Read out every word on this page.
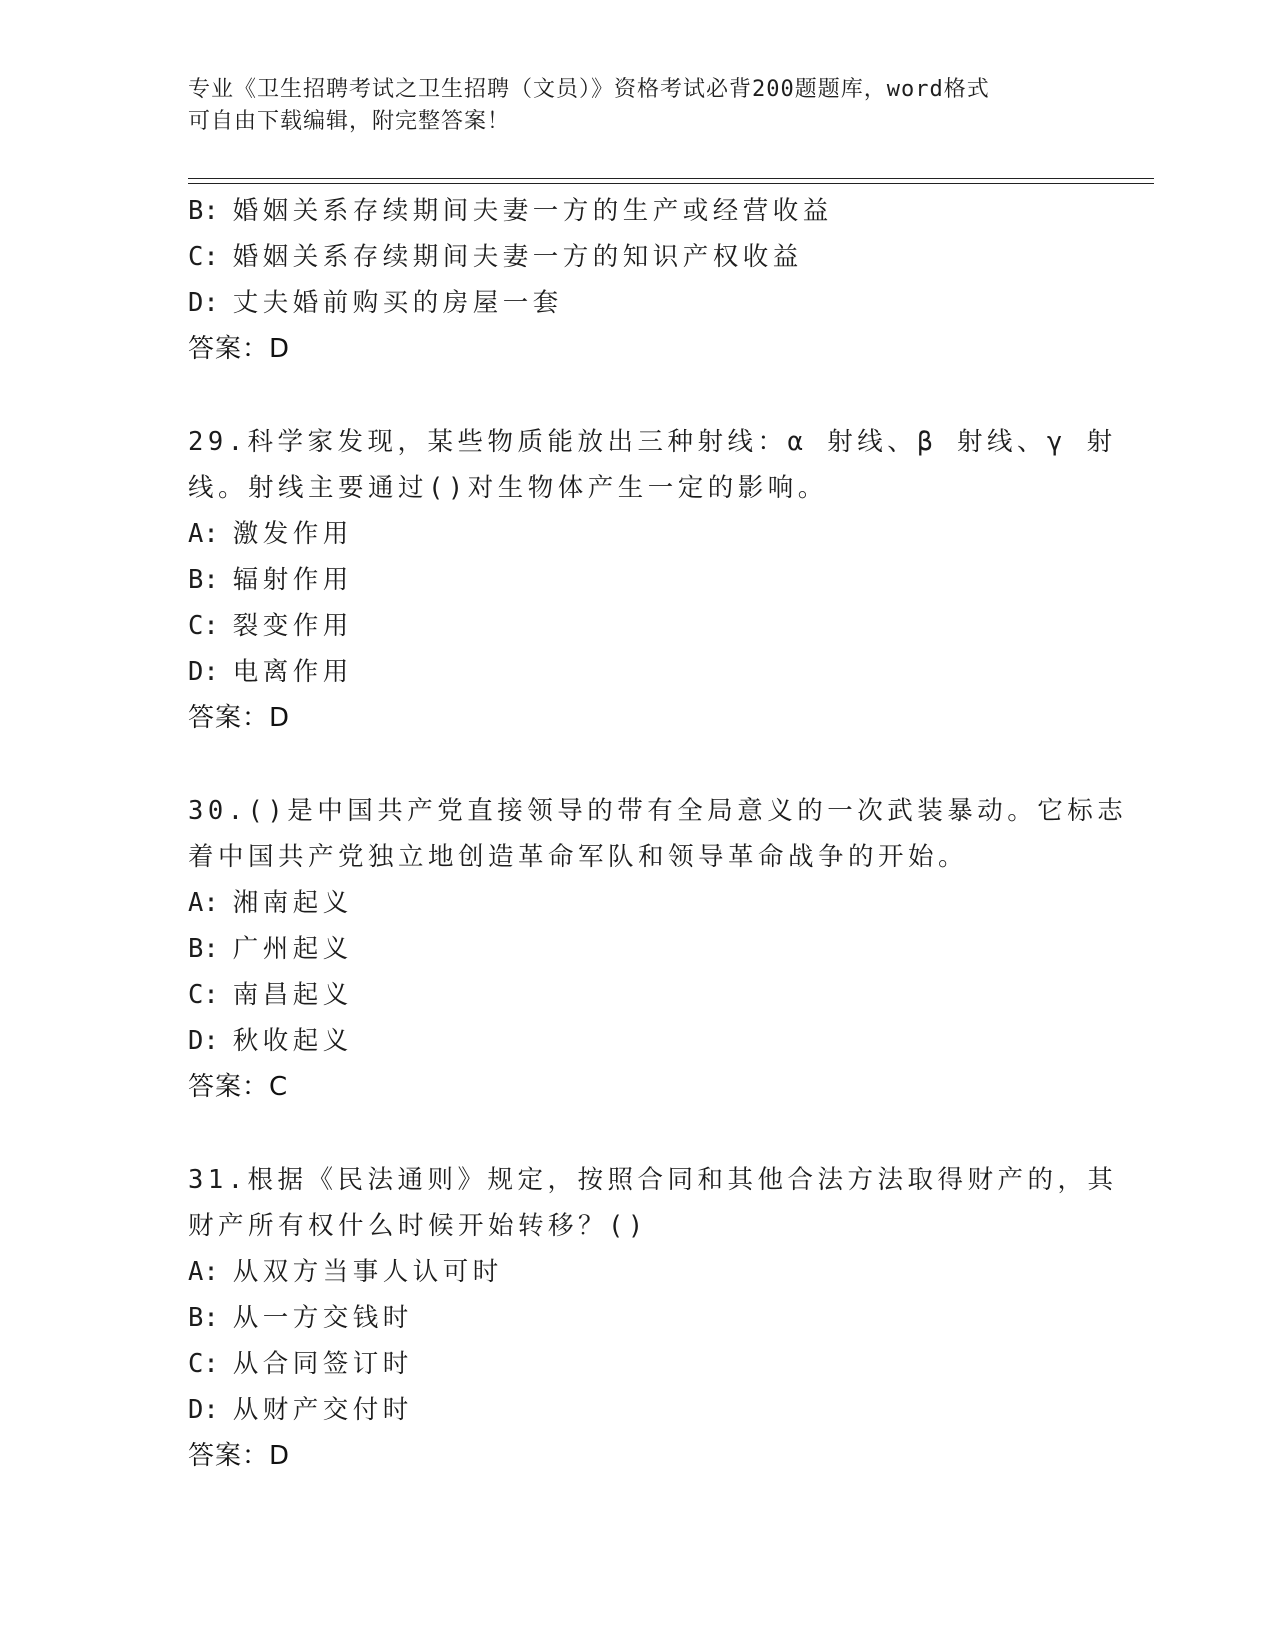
专业《卫生招聘考试之卫生招聘（文员）》资格考试必背200题题库，word格式
可自由下载编辑，附完整答案！
B: 婚姻关系存续期间夫妻一方的生产或经营收益
C: 婚姻关系存续期间夫妻一方的知识产权收益
D: 丈夫婚前购买的房屋一套
答案：D
29.科学家发现，某些物质能放出三种射线：α 射线、β 射线、γ 射
线。射线主要通过()对生物体产生一定的影响。
A: 激发作用
B: 辐射作用
C: 裂变作用
D: 电离作用
答案：D
30.()是中国共产党直接领导的带有全局意义的一次武装暴动。它标志
着中国共产党独立地创造革命军队和领导革命战争的开始。
A: 湘南起义
B: 广州起义
C: 南昌起义
D: 秋收起义
答案：C
31.根据《民法通则》规定，按照合同和其他合法方法取得财产的，其
财产所有权什么时候开始转移？()
A: 从双方当事人认可时
B: 从一方交钱时
C: 从合同签订时
D: 从财产交付时
答案：D
